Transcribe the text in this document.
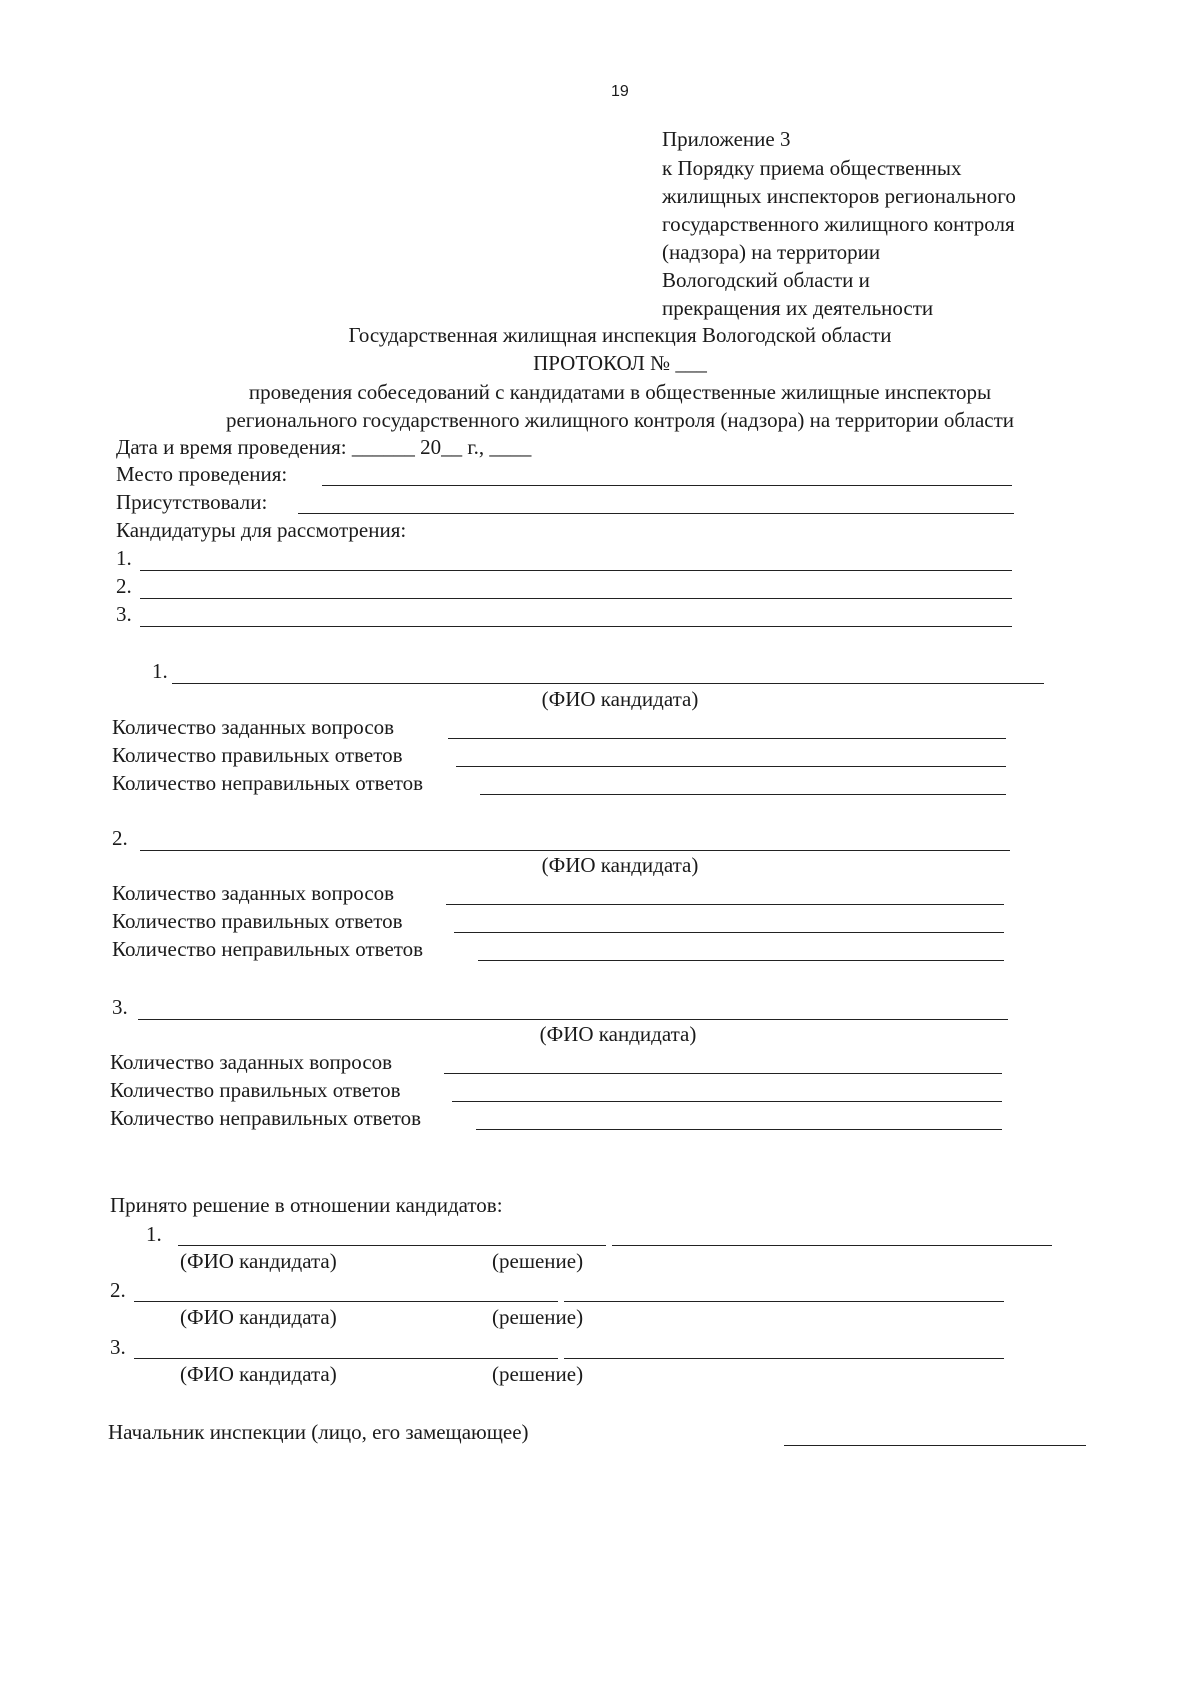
19
Приложение 3
к Порядку приема общественных
жилищных инспекторов регионального
государственного жилищного контроля
(надзора) на территории
Вологодский области и
прекращения их деятельности
Государственная жилищная инспекция Вологодской области
ПРОТОКОЛ № ___
проведения собеседований с кандидатами в общественные жилищные инспекторы
регионального государственного жилищного контроля (надзора) на территории области
Дата и время проведения: ______ 20__ г., ____
Место проведения:
Присутствовали:
Кандидатуры для рассмотрения:
1.
2.
3.
1.
(ФИО кандидата)
Количество заданных вопросов
Количество правильных ответов
Количество неправильных ответов
2.
(ФИО кандидата)
Количество заданных вопросов
Количество правильных ответов
Количество неправильных ответов
3.
(ФИО кандидата)
Количество заданных вопросов
Количество правильных ответов
Количество неправильных ответов
Принято решение в отношении кандидатов:
1.
(ФИО кандидата)	(решение)
2.
(ФИО кандидата)	(решение)
3.
(ФИО кандидата)	(решение)
Начальник инспекции (лицо, его замещающее)
